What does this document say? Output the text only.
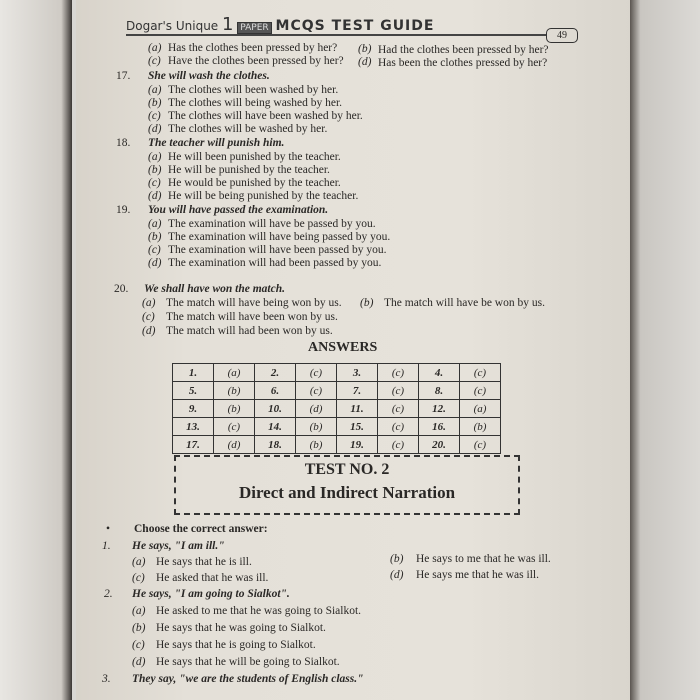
Dogar's Unique 1 PAPER MCQS TEST GUIDE
49
(a) Has the clothes been pressed by her? (b) Had the clothes been pressed by her?
(c) Have the clothes been pressed by her? (d) Has been the clothes pressed by her?
17. She will wash the clothes.
(a) The clothes will been washed by her.
(b) The clothes will being washed by her.
(c) The clothes will have been washed by her.
(d) The clothes will be washed by her.
18. The teacher will punish him.
(a) He will been punished by the teacher.
(b) He will be punished by the teacher.
(c) He would be punished by the teacher.
(d) He will be being punished by the teacher.
19. You will have passed the examination.
(a) The examination will have be passed by you.
(b) The examination will have being passed by you.
(c) The examination will have been passed by you.
(d) The examination will had been passed by you.
20. We shall have won the match.
(a) The match will have being won by us. (b) The match will have be won by us.
(c) The match will have been won by us.
(d) The match will had been won by us.
ANSWERS
• Choose the correct answer:
1. He says, "I am ill."
(a) He says that he is ill.	(b) He says to me that he was ill.
(c) He asked that he was ill.	(d) He says me that he was ill.
2. He says, "I am going to Sialkot".
(a) He asked to me that he was going to Sialkot.
(b) He says that he was going to Sialkot.
(c) He says that he is going to Sialkot.
(d) He says that he will be going to Sialkot.
3. They say, "we are the students of English class."
1.	(a)	2.	(c)	3.	(c)	4.	(c)
5.	(b)	6.	(c)	7.	(c)	8.	(c)
9.	(b)	10.	(d)	11.	(c)	12.	(a)
13.	(c)	14.	(b)	15.	(c)	16.	(b)
17.	(d)	18.	(b)	19.	(c)	20.	(c)
TEST NO. 2
Direct and Indirect Narration
